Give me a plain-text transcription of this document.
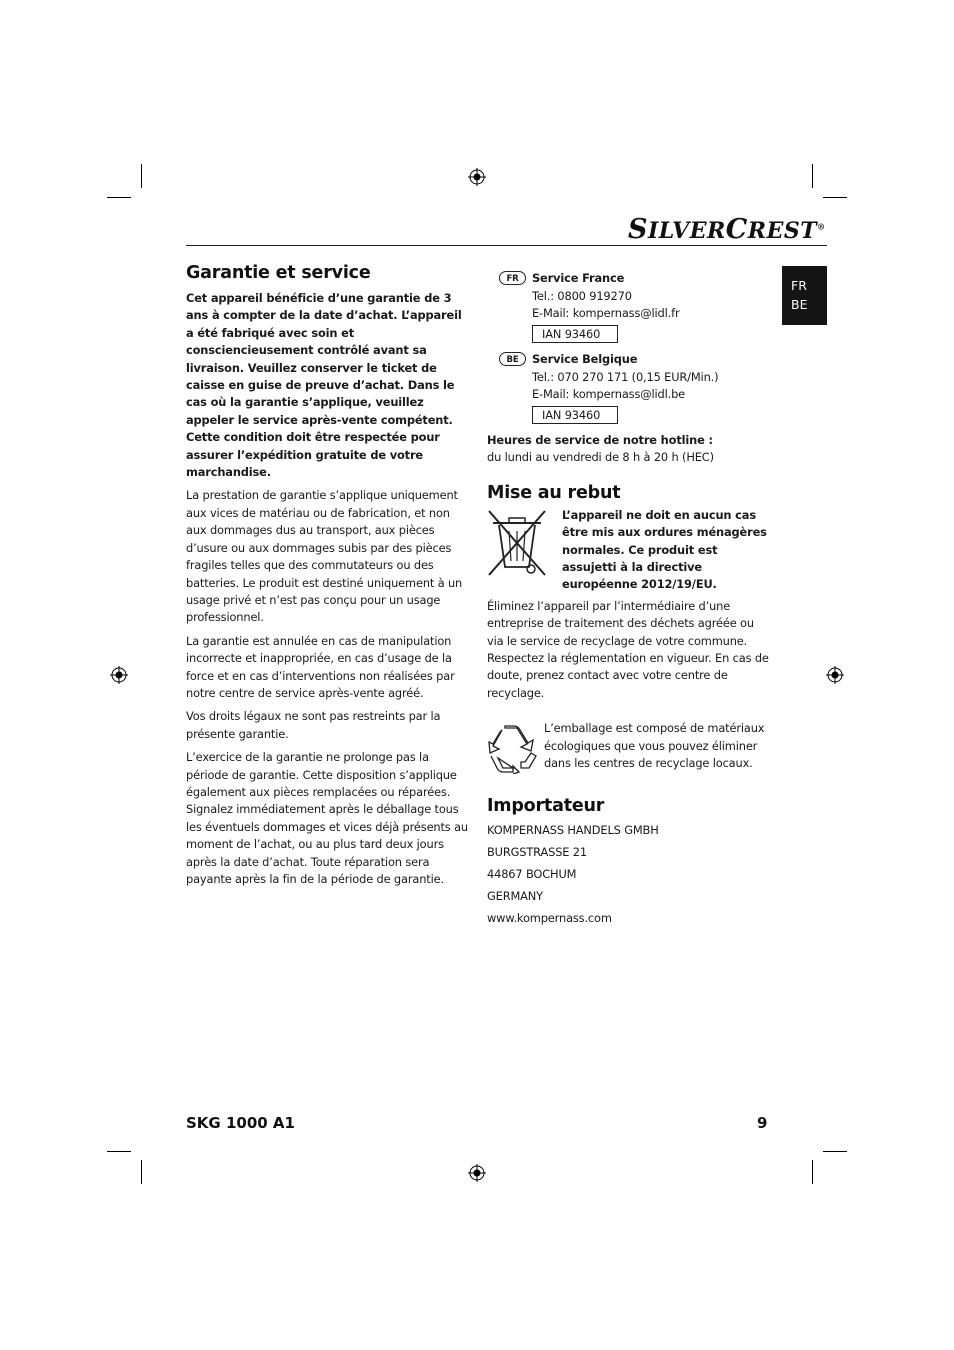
SILVERCREST®
FR
BE
Garantie et service

Cet appareil bénéficie d’une garantie de 3 ans à compter de la date d’achat. L’appareil a été fabriqué avec soin et consciencieusement contrôlé avant sa livraison. Veuillez conserver le ticket de caisse en guise de preuve d’achat. Dans le cas où la garantie s’applique, veuillez appeler le service après-vente compétent. Cette condition doit être respectée pour assurer l’expédition gratuite de votre marchandise.

La prestation de garantie s’applique uniquement aux vices de matériau ou de fabrication, et non aux dommages dus au transport, aux pièces d’usure ou aux dommages subis par des pièces fragiles telles que des commutateurs ou des batteries. Le produit est destiné uniquement à un usage privé et n’est pas conçu pour un usage professionnel.

La garantie est annulée en cas de manipulation incorrecte et inappropriée, en cas d’usage de la force et en cas d’interventions non réalisées par notre centre de service après-vente agréé.

Vos droits légaux ne sont pas restreints par la présente garantie.

L’exercice de la garantie ne prolonge pas la période de garantie. Cette disposition s’applique également aux pièces remplacées ou réparées. Signalez immédiatement après le déballage tous les éventuels dommages et vices déjà présents au moment de l’achat, ou au plus tard deux jours après la date d’achat. Toute réparation sera payante après la fin de la période de garantie.

FR	Service France
Tel.: 0800 919270
E-Mail: kompernass@lidl.fr
IAN 93460
BE	Service Belgique
Tel.: 070 270 171 (0,15 EUR/Min.)
E-Mail: kompernass@lidl.be
IAN 93460

Heures de service de notre hotline :

du lundi au vendredi de 8 h à 20 h (HEC)

Mise au rebut

L’appareil ne doit en aucun cas être mis aux ordures ménagères normales. Ce produit est assujetti à la directive européenne 2012/19/EU.

Éliminez l’appareil par l’intermédiaire d’une entreprise de traitement des déchets agréée ou via le service de recyclage de votre commune. Respectez la réglementation en vigueur. En cas de doute, prenez contact avec votre centre de recyclage.

L’emballage est composé de matériaux écologiques que vous pouvez éliminer dans les centres de recyclage locaux.

Importateur

KOMPERNASS HANDELS GMBH

BURGSTRASSE 21

44867 BOCHUM

GERMANY

www.kompernass.com

SKG 1000 A1	9
